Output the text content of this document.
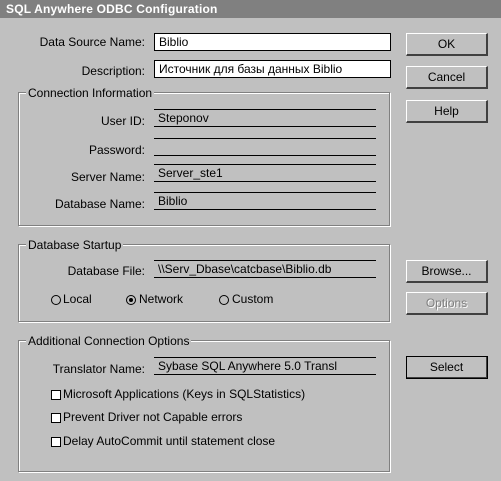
SQL Anywhere ODBC Configuration
Data Source Name:	Biblio
Description:	Источник для базы данных Biblio
OK
Cancel
Help
Connection Information
User ID:	Steponov
Password:
Server Name:	Server_ste1
Database Name:	Biblio
Database Startup
Database File:	\\Serv_Dbase\catcbase\Biblio.db	Browse...
Local	Network	Custom	Options
Additional Connection Options
Translator Name:	Sybase SQL Anywhere 5.0 Transl	Select
Microsoft Applications (Keys in SQLStatistics)
Prevent Driver not Capable errors
Delay AutoCommit until statement close
